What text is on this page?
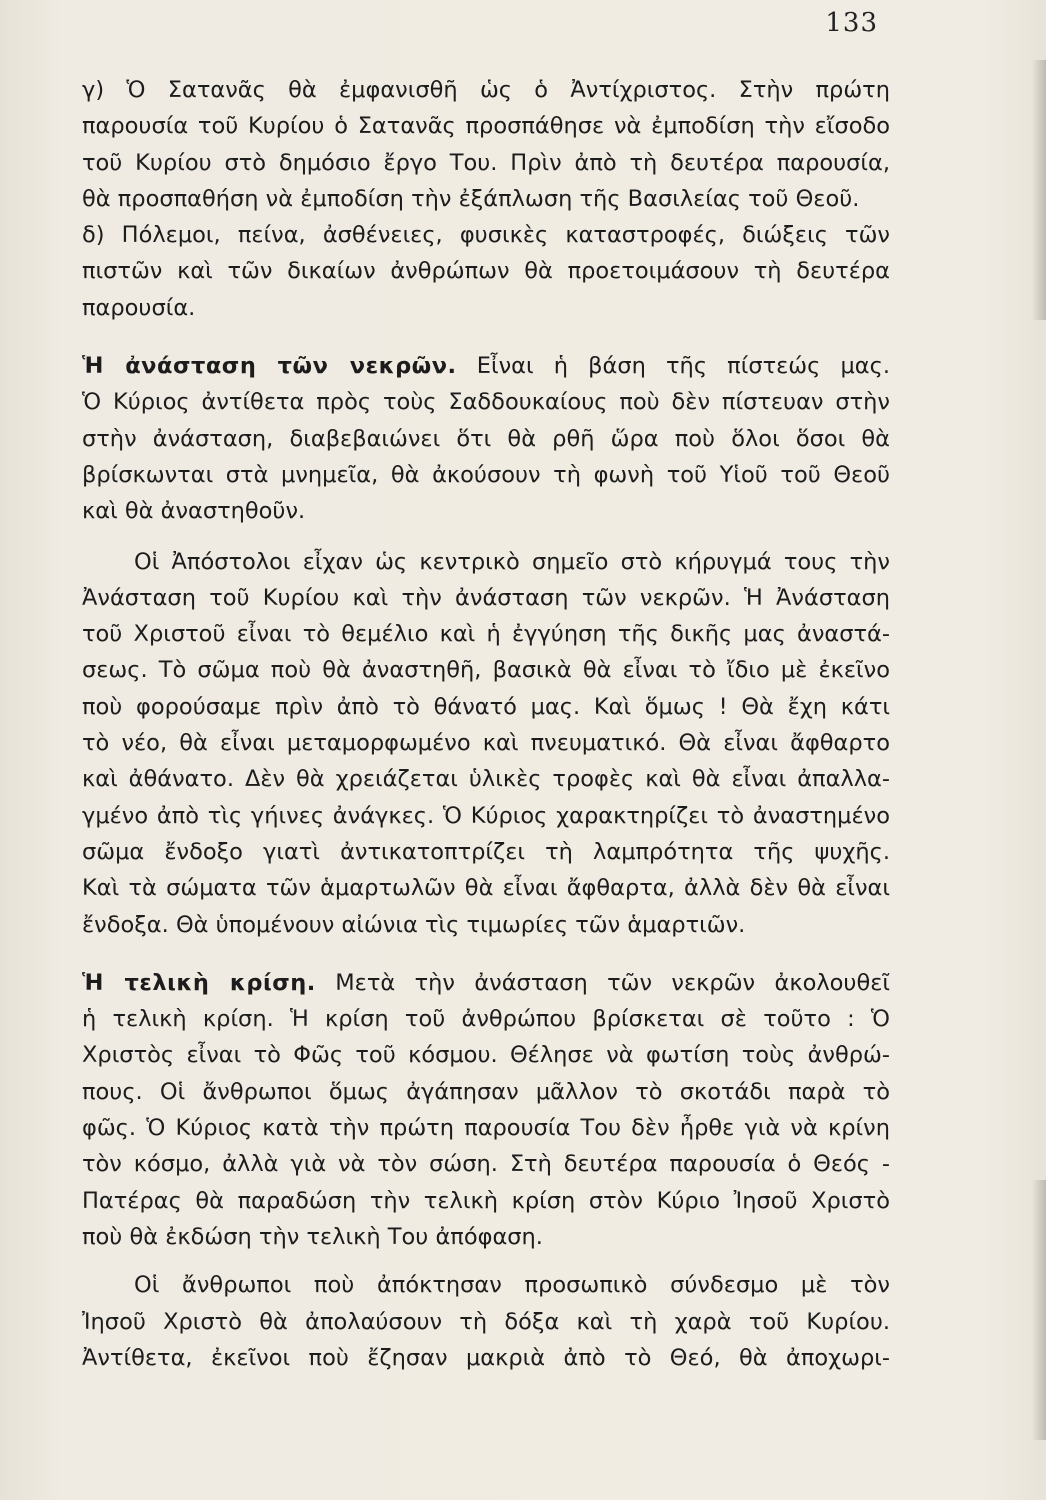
133
γ) Ὁ Σατανᾶς θὰ ἐμφανισθῆ ὡς ὁ Ἀντίχριστος. Στὴν πρώτη
παρουσία τοῦ Κυρίου ὁ Σατανᾶς προσπάθησε νὰ ἐμποδίση τὴν εἴσοδο
τοῦ Κυρίου στὸ δημόσιο ἔργο Του. Πρὶν ἀπὸ τὴ δευτέρα παρουσία,
θὰ προσπαθήση νὰ ἐμποδίση τὴν ἐξάπλωση τῆς Βασιλείας τοῦ Θεοῦ.
δ) Πόλεμοι, πείνα, ἀσθένειες, φυσικὲς καταστροφές, διώξεις τῶν
πιστῶν καὶ τῶν δικαίων ἀνθρώπων θὰ προετοιμάσουν τὴ δευτέρα
παρουσία.
Ἡ ἀνάσταση τῶν νεκρῶν. Εἶναι ἡ βάση τῆς πίστεώς μας.
Ὁ Κύριος ἀντίθετα πρὸς τοὺς Σαδδουκαίους ποὺ δὲν πίστευαν στὴν
στὴν ἀνάσταση, διαβεβαιώνει ὅτι θὰ ρθῆ ὥρα ποὺ ὅλοι ὅσοι θὰ
βρίσκωνται στὰ μνημεῖα, θὰ ἀκούσουν τὴ φωνὴ τοῦ Υἱοῦ τοῦ Θεοῦ
καὶ θὰ ἀναστηθοῦν.
Οἱ Ἀπόστολοι εἶχαν ὡς κεντρικὸ σημεῖο στὸ κήρυγμά τους τὴν
Ἀνάσταση τοῦ Κυρίου καὶ τὴν ἀνάσταση τῶν νεκρῶν. Ἡ Ἀνάσταση
τοῦ Χριστοῦ εἶναι τὸ θεμέλιο καὶ ἡ ἐγγύηση τῆς δικῆς μας ἀναστά-
σεως. Τὸ σῶμα ποὺ θὰ ἀναστηθῆ, βασικὰ θὰ εἶναι τὸ ἴδιο μὲ ἐκεῖνο
ποὺ φορούσαμε πρὶν ἀπὸ τὸ θάνατό μας. Καὶ ὅμως ! Θὰ ἔχη κάτι
τὸ νέο, θὰ εἶναι μεταμορφωμένο καὶ πνευματικό. Θὰ εἶναι ἄφθαρτο
καὶ ἀθάνατο. Δὲν θὰ χρειάζεται ὑλικὲς τροφὲς καὶ θὰ εἶναι ἀπαλλα-
γμένο ἀπὸ τὶς γήινες ἀνάγκες. Ὁ Κύριος χαρακτηρίζει τὸ ἀναστημένο
σῶμα ἔνδοξο γιατὶ ἀντικατοπτρίζει τὴ λαμπρότητα τῆς ψυχῆς.
Καὶ τὰ σώματα τῶν ἁμαρτωλῶν θὰ εἶναι ἄφθαρτα, ἀλλὰ δὲν θὰ εἶναι
ἔνδοξα. Θὰ ὑπομένουν αἰώνια τὶς τιμωρίες τῶν ἁμαρτιῶν.
Ἡ τελικὴ κρίση. Μετὰ τὴν ἀνάσταση τῶν νεκρῶν ἀκολουθεῖ
ἡ τελικὴ κρίση. Ἡ κρίση τοῦ ἀνθρώπου βρίσκεται σὲ τοῦτο : Ὁ
Χριστὸς εἶναι τὸ Φῶς τοῦ κόσμου. Θέλησε νὰ φωτίση τοὺς ἀνθρώ-
πους. Οἱ ἄνθρωποι ὅμως ἀγάπησαν μᾶλλον τὸ σκοτάδι παρὰ τὸ
φῶς. Ὁ Κύριος κατὰ τὴν πρώτη παρουσία Του δὲν ἦρθε γιὰ νὰ κρίνη
τὸν κόσμο, ἀλλὰ γιὰ νὰ τὸν σώση. Στὴ δευτέρα παρουσία ὁ Θεός -
Πατέρας θὰ παραδώση τὴν τελικὴ κρίση στὸν Κύριο Ἰησοῦ Χριστὸ
ποὺ θὰ ἐκδώση τὴν τελικὴ Του ἀπόφαση.
Οἱ ἄνθρωποι ποὺ ἀπόκτησαν προσωπικὸ σύνδεσμο μὲ τὸν
Ἰησοῦ Χριστὸ θὰ ἀπολαύσουν τὴ δόξα καὶ τὴ χαρὰ τοῦ Κυρίου.
Ἀντίθετα, ἐκεῖνοι ποὺ ἔζησαν μακριὰ ἀπὸ τὸ Θεό, θὰ ἀποχωρι-
